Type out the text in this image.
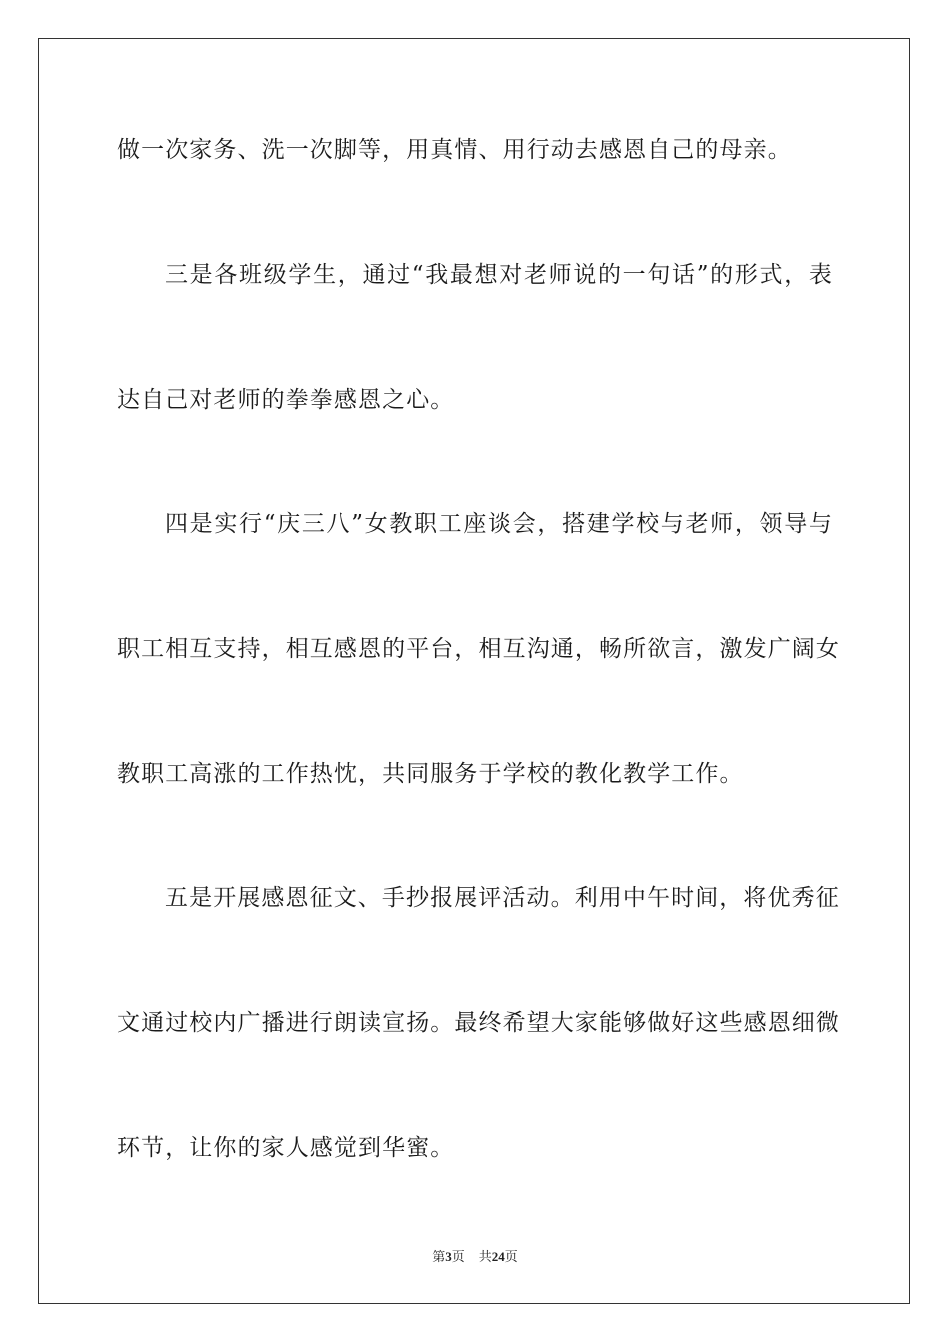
做一次家务、洗一次脚等，用真情、用行动去感恩自己的母亲。
三是各班级学生，通过“我最想对老师说的一句话”的形式，表
达自己对老师的拳拳感恩之心。
四是实行“庆三八”女教职工座谈会，搭建学校与老师，领导与
职工相互支持，相互感恩的平台，相互沟通，畅所欲言，激发广阔女
教职工高涨的工作热忱，共同服务于学校的教化教学工作。
五是开展感恩征文、手抄报展评活动。利用中午时间，将优秀征
文通过校内广播进行朗读宣扬。最终希望大家能够做好这些感恩细微
环节，让你的家人感觉到华蜜。
第3页 共24页
